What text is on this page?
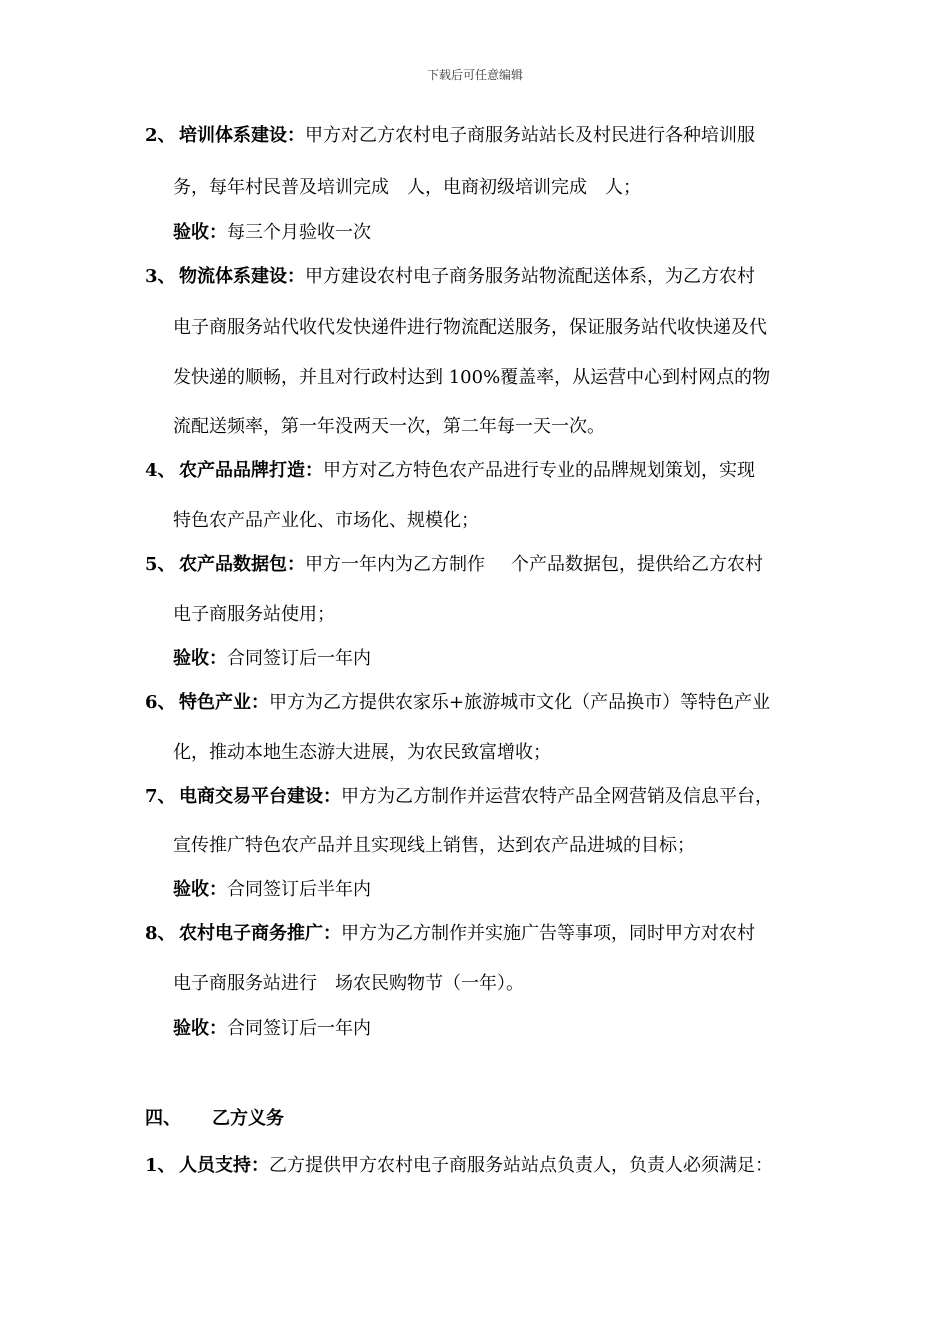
下载后可任意编辑
2、 培训体系建设：甲方对乙方农村电子商服务站站长及村民进行各种培训服
务，每年村民普及培训完成 人，电商初级培训完成 人；
验收：每三个月验收一次
3、 物流体系建设：甲方建设农村电子商务服务站物流配送体系，为乙方农村
电子商服务站代收代发快递件进行物流配送服务，保证服务站代收快递及代
发快递的顺畅，并且对行政村达到 100%覆盖率，从运营中心到村网点的物
流配送频率，第一年没两天一次，第二年每一天一次。
4、 农产品品牌打造：甲方对乙方特色农产品进行专业的品牌规划策划，实现
特色农产品产业化、市场化、规模化；
5、 农产品数据包：甲方一年内为乙方制作 个产品数据包，提供给乙方农村
电子商服务站使用；
验收：合同签订后一年内
6、 特色产业：甲方为乙方提供农家乐+旅游城市文化（产品换市）等特色产业
化，推动本地生态游大进展，为农民致富增收；
7、 电商交易平台建设：甲方为乙方制作并运营农特产品全网营销及信息平台，
宣传推广特色农产品并且实现线上销售，达到农产品进城的目标；
验收：合同签订后半年内
8、 农村电子商务推广：甲方为乙方制作并实施广告等事项，同时甲方对农村
电子商服务站进行 场农民购物节（一年）。
验收：合同签订后一年内
四、 乙方义务
1、 人员支持：乙方提供甲方农村电子商服务站站点负责人，负责人必须满足：
